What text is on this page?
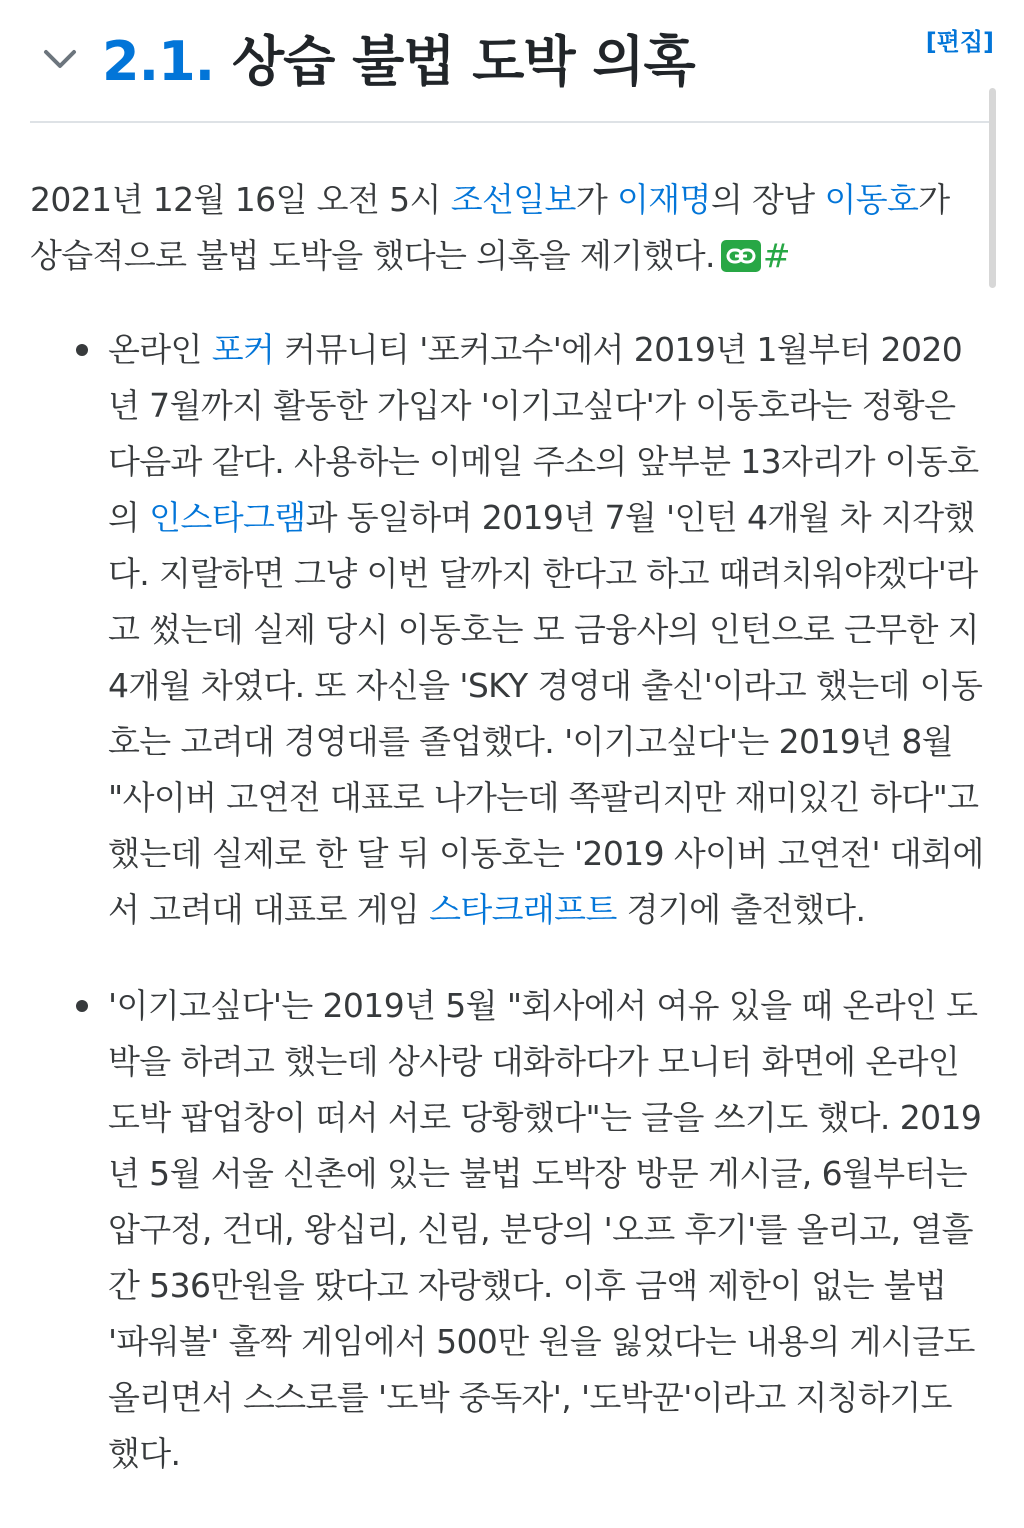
2.1. 상습 불법 도박 의혹	[편집]

2021년 12월 16일 오전 5시 조선일보가 이재명의 장남 이동호가 상습적으로 불법 도박을 했다는 의혹을 제기했다. #

온라인 포커 커뮤니티 '포커고수'에서 2019년 1월부터 2020년 7월까지 활동한 가입자 '이기고싶다'가 이동호라는 정황은 다음과 같다. 사용하는 이메일 주소의 앞부분 13자리가 이동호의 인스타그램과 동일하며 2019년 7월 '인턴 4개월 차 지각했다. 지랄하면 그냥 이번 달까지 한다고 하고 때려치워야겠다'라고 썼는데 실제 당시 이동호는 모 금융사의 인턴으로 근무한 지 4개월 차였다. 또 자신을 'SKY 경영대 출신'이라고 했는데 이동호는 고려대 경영대를 졸업했다. '이기고싶다'는 2019년 8월 "사이버 고연전 대표로 나가는데 쪽팔리지만 재미있긴 하다"고 했는데 실제로 한 달 뒤 이동호는 '2019 사이버 고연전' 대회에서 고려대 대표로 게임 스타크래프트 경기에 출전했다.
'이기고싶다'는 2019년 5월 "회사에서 여유 있을 때 온라인 도박을 하려고 했는데 상사랑 대화하다가 모니터 화면에 온라인 도박 팝업창이 떠서 서로 당황했다"는 글을 쓰기도 했다. 2019년 5월 서울 신촌에 있는 불법 도박장 방문 게시글, 6월부터는 압구정, 건대, 왕십리, 신림, 분당의 '오프 후기'를 올리고, 열흘간 536만원을 땄다고 자랑했다. 이후 금액 제한이 없는 불법 '파워볼' 홀짝 게임에서 500만 원을 잃었다는 내용의 게시글도 올리면서 스스로를 '도박 중독자', '도박꾼'이라고 지칭하기도 했다.
